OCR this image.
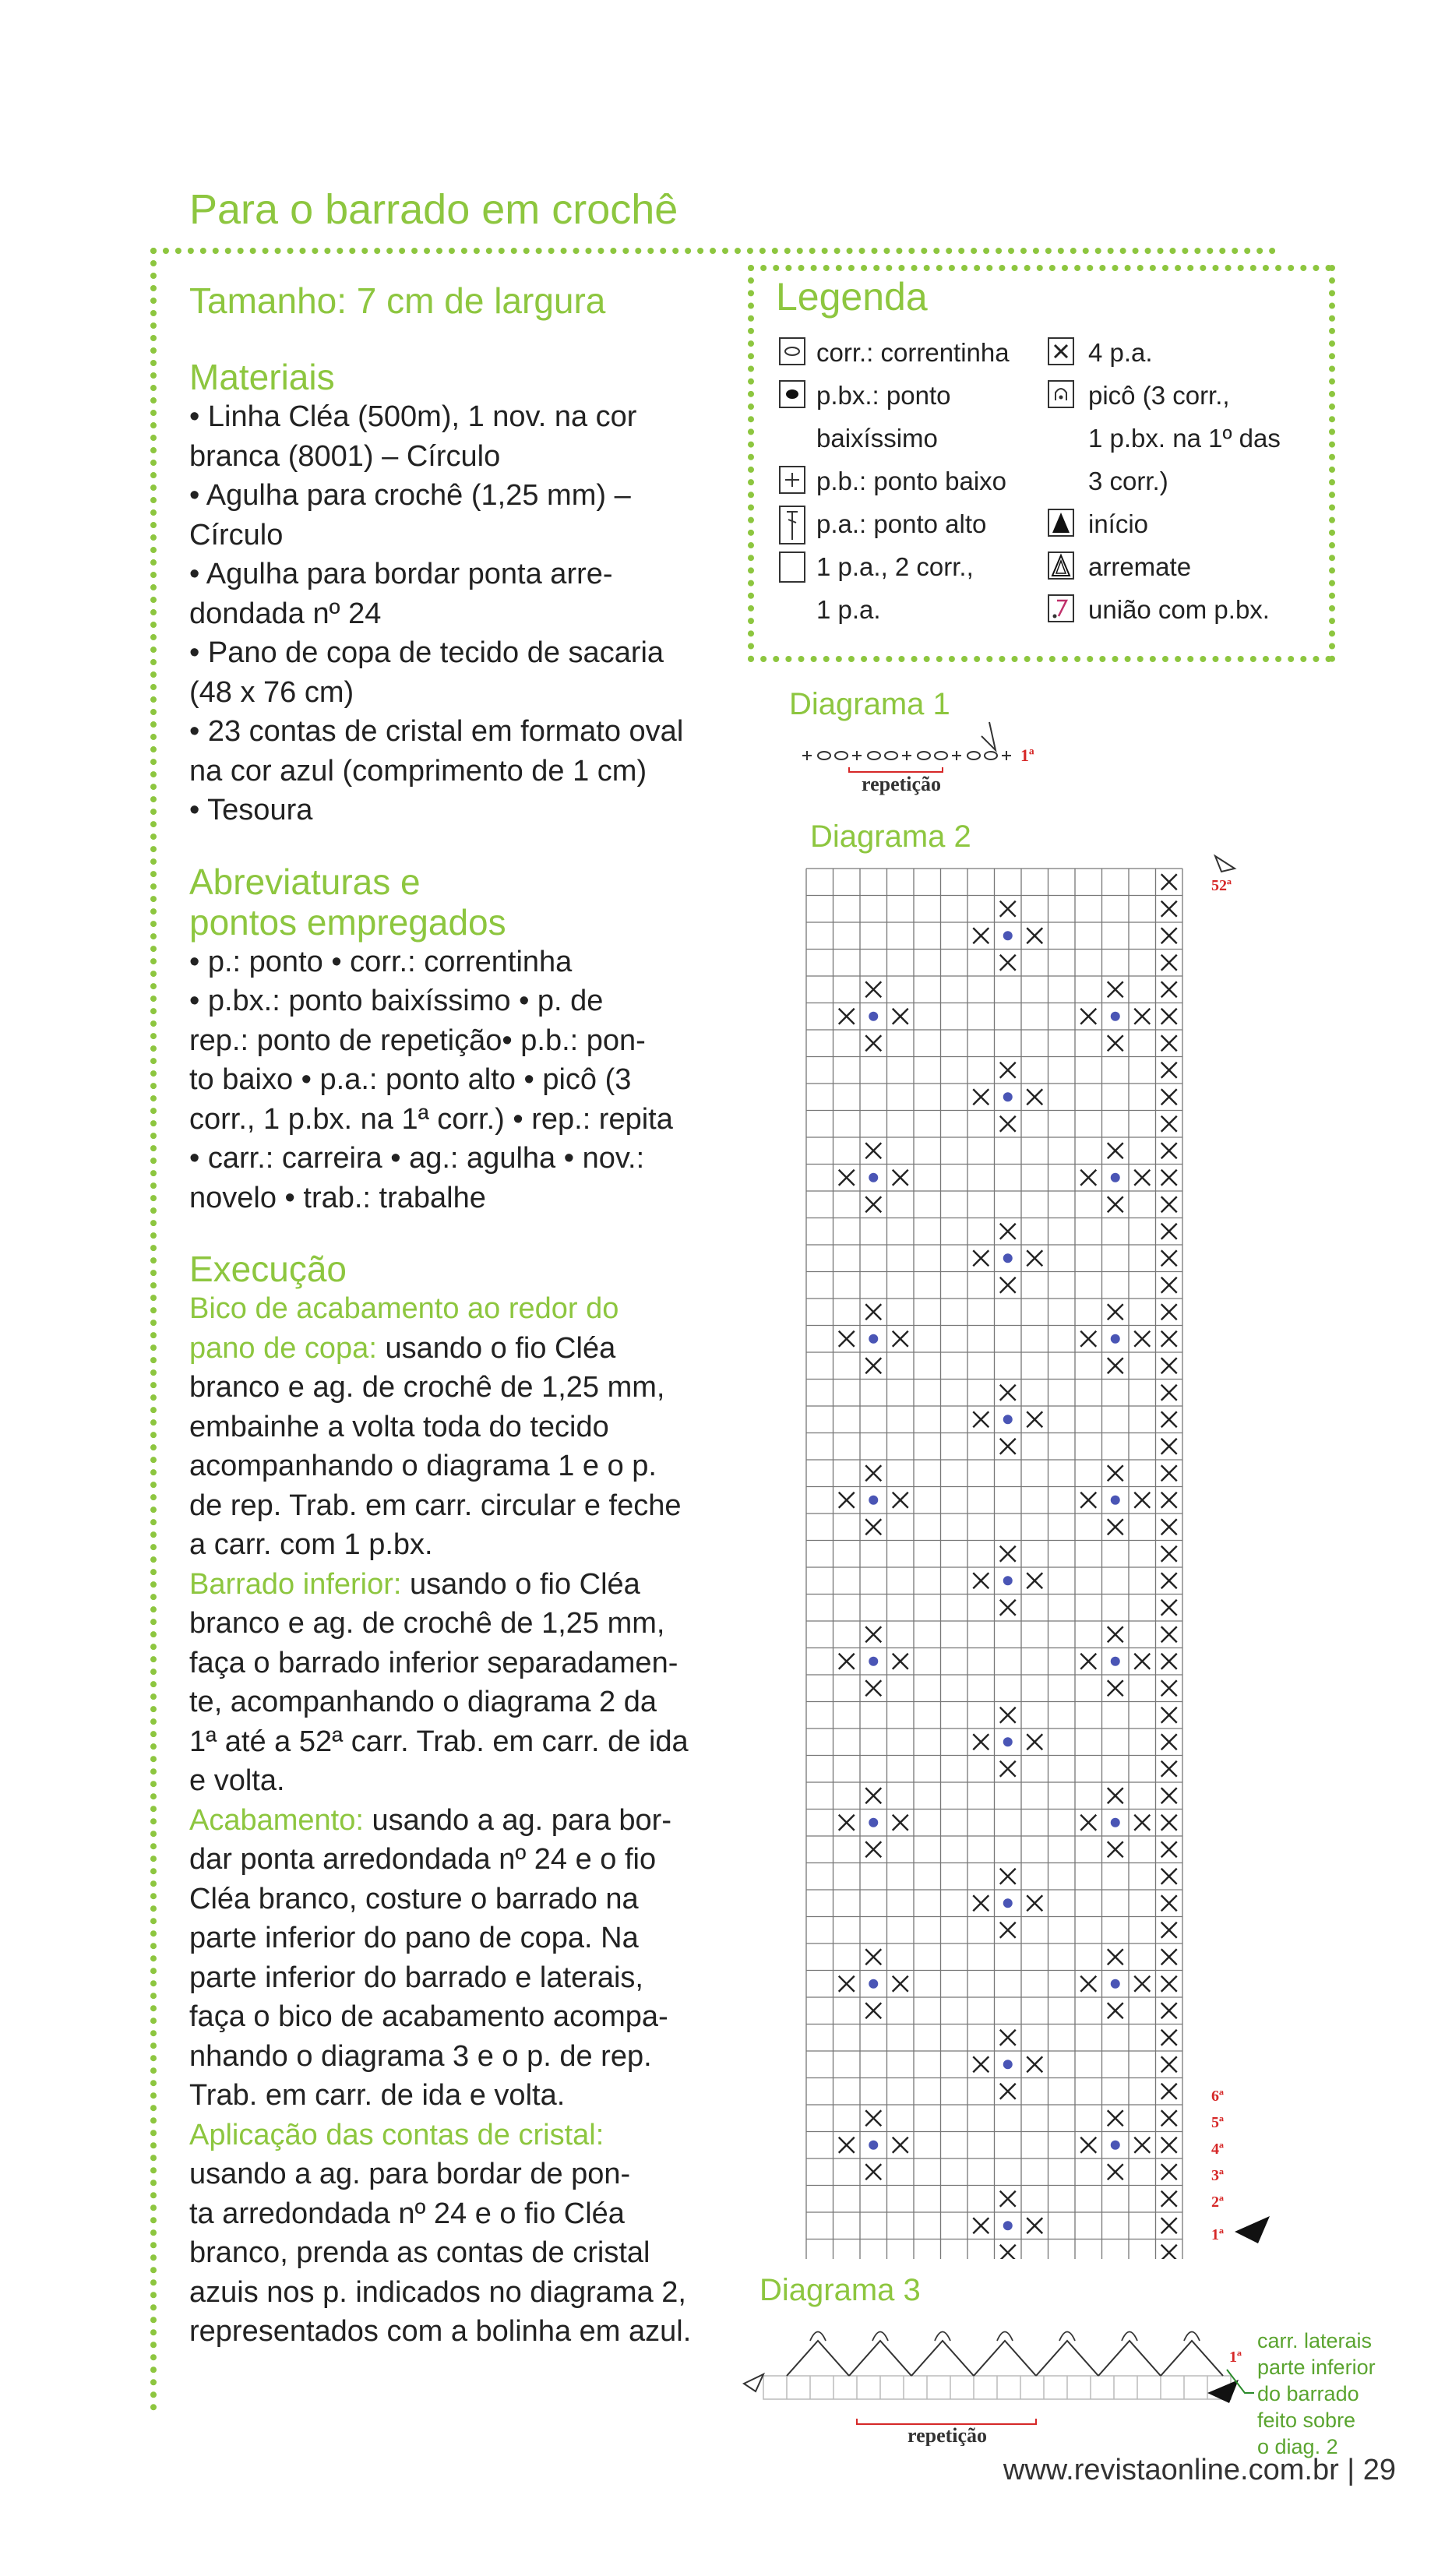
Para o barrado em crochê
Tamanho: 7 cm de largura
Materiais

• Linha Cléa (500m), 1 nov. na cor

branca (8001) – Círculo

• Agulha para crochê (1,25 mm) –

Círculo

• Agulha para bordar ponta arre-

dondada nº 24

• Pano de copa de tecido de sacaria

(48 x 76 cm)

• 23 contas de cristal em formato oval

na cor azul (comprimento de 1 cm)

• Tesoura

Abreviaturas e
pontos empregados

• p.: ponto • corr.: correntinha

• p.bx.: ponto baixíssimo • p. de

rep.: ponto de repetição• p.b.: pon-

to baixo • p.a.: ponto alto • picô (3

corr., 1 p.bx. na 1ª corr.) • rep.: repita

• carr.: carreira • ag.: agulha • nov.:

novelo • trab.: trabalhe

Execução

Bico de acabamento ao redor do

pano de copa: usando o fio Cléa

branco e ag. de crochê de 1,25 mm,

embainhe a volta toda do tecido

acompanhando o diagrama 1 e o p.

de rep. Trab. em carr. circular e feche

a carr. com 1 p.bx.

Barrado inferior: usando o fio Cléa

branco e ag. de crochê de 1,25 mm,

faça o barrado inferior separadamen-

te, acompanhando o diagrama 2 da

1ª até a 52ª carr. Trab. em carr. de ida

e volta.

Acabamento: usando a ag. para bor-

dar ponta arredondada nº 24 e o fio

Cléa branco, costure o barrado na

parte inferior do pano de copa. Na

parte inferior do barrado e laterais,

faça o bico de acabamento acompa-

nhando o diagrama 3 e o p. de rep.

Trab. em carr. de ida e volta.

Aplicação das contas de cristal:

usando a ag. para bordar de pon-

ta arredondada nº 24 e o fio Cléa

branco, prenda as contas de cristal

azuis nos p. indicados no diagrama 2,

representados com a bolinha em azul.

Legenda
corr.: correntinha
p.bx.: ponto
baixíssimo
p.b.: ponto baixo
p.a.: ponto alto
1 p.a., 2 corr.,
1 p.a.
4 p.a.
picô (3 corr.,
1 p.bx. na 1º das
3 corr.)
início
arremate
união com p.bx.
Diagrama 1
repetição
1ª
Diagrama 2
52ª
6ª
5ª
4ª
3ª
2ª
1ª
Diagrama 3
repetição
1ª
carr. laterais
parte inferior
do barrado
feito sobre
o diag. 2
www.revistaonline.com.br | 29
